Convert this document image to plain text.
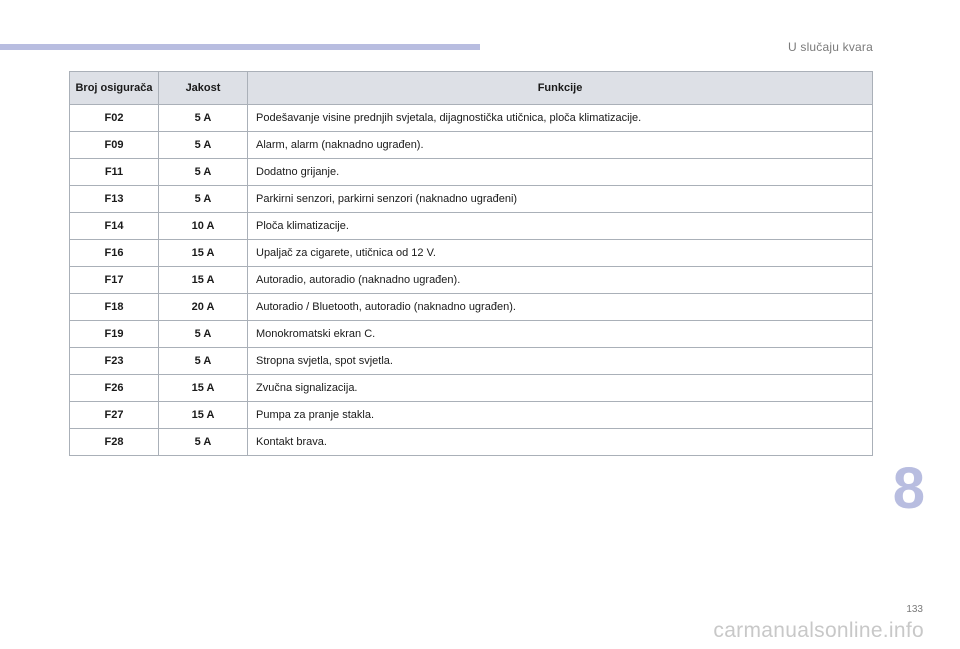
U slučaju kvara
Broj osigurača	Jakost	Funkcije
F02	5 A	Podešavanje visine prednjih svjetala, dijagnostička utičnica, ploča klimatizacije.
F09	5 A	Alarm, alarm (naknadno ugrađen).
F11	5 A	Dodatno grijanje.
F13	5 A	Parkirni senzori, parkirni senzori (naknadno ugrađeni)
F14	10 A	Ploča klimatizacije.
F16	15 A	Upaljač za cigarete, utičnica od 12 V.
F17	15 A	Autoradio, autoradio (naknadno ugrađen).
F18	20 A	Autoradio / Bluetooth, autoradio (naknadno ugrađen).
F19	5 A	Monokromatski ekran C.
F23	5 A	Stropna svjetla, spot svjetla.
F26	15 A	Zvučna signalizacija.
F27	15 A	Pumpa za pranje stakla.
F28	5 A	Kontakt brava.
8
133
carmanualsonline.info
